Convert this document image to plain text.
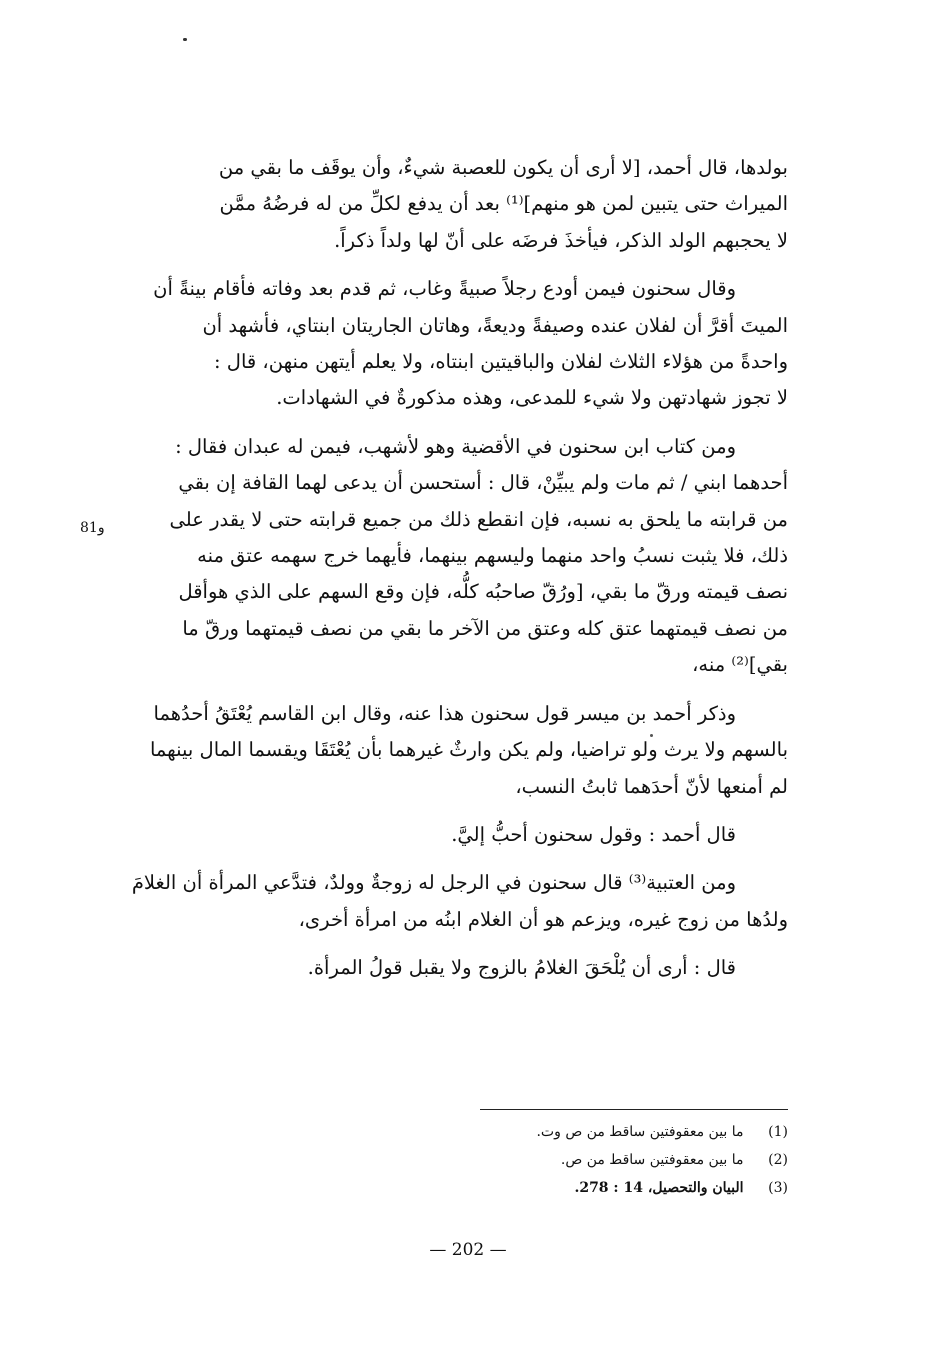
بولدها، قال أحمد، [لا أرى أن يكون للعصبة شيءٌ، وأن يوقَف ما بقي من
الميراث حتى يتبين لمن هو منهم]⁽¹⁾ بعد أن يدفع لكلِّ من له فرضُهُ ممَّن
لا يحجبهم الولد الذكر، فيأخذَ فرضَه على أنّ لها ولداً ذكراً.

وقال سحنون فيمن أودع رجلاً صبيةً وغاب، ثم قدم بعد وفاته فأقام بينةً أن
الميتَ أقرَّ أن لفلان عنده وصيفةً وديعةً، وهاتان الجاريتان ابنتاي، فأشهد أن
واحدةً من هؤلاء الثلاث لفلان والباقيتين ابنتاه، ولا يعلم أيتهن منهن، قال :
لا تجوز شهادتهن ولا شيء للمدعى، وهذه مذكورةٌ في الشهادات.

ومن كتاب ابن سحنون في الأقضية وهو لأشهب، فيمن له عبدان فقال :
أحدهما ابني / ثم مات ولم يبيِّنْ، قال : أستحسن أن يدعى لهما القافة إن بقي
من قرابته ما يلحق به نسبه، فإن انقطع ذلك من جميع قرابته حتى لا يقدر على
ذلك، فلا يثبت نسبُ واحد منهما وليسهم بينهما، فأيهما خرج سهمه عتق منه
نصف قيمته ورقّ ما بقي، [ورُقّ صاحبُه كلُّه، فإن وقع السهم على الذي هوأقل
من نصف قيمتهما عتق كله وعتق من الآخر ما بقي من نصف قيمتهما ورقّ ما
بقي]⁽²⁾ منه،

وذكر أحمد بن ميسر قول سحنون هذا عنه، وقال ابن القاسم يُعْتَقُ أحدُهما
بالسهم ولا يرث ولو تراضيا، ولم يكن وارثٌ غيرهما بأن يُعْتَقَا ويقسما المال بينهما
لم أمنعها لأنّ أحدَهما ثابتُ النسب،

قال أحمد : وقول سحنون أحبُّ إليَّ.

ومن العتبية⁽³⁾ قال سحنون في الرجل له زوجةٌ وولدٌ، فتدَّعي المرأة أن الغلامَ
ولدُها من زوج غيره، ويزعم هو أن الغلام ابنُه من امرأة أخرى،

قال : أرى أن يُلْحَقَ الغلامُ بالزوج ولا يقبل قولُ المرأة.

81و
(1) ما بين معقوفتين ساقط من ص وت.
(2) ما بين معقوفتين ساقط من ص.
(3) البيان والتحصيل، 14 : 278.
— 202 —
